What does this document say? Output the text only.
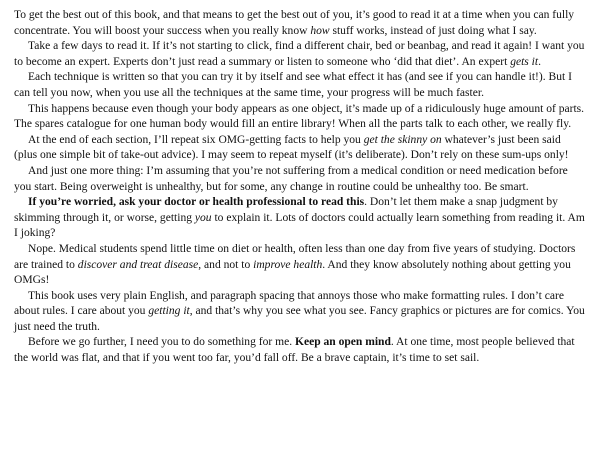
To get the best out of this book, and that means to get the best out of you, it’s good to read it at a time when you can fully concentrate. You will boost your success when you really know how stuff works, instead of just doing what I say.

Take a few days to read it. If it’s not starting to click, find a different chair, bed or beanbag, and read it again! I want you to become an expert. Experts don’t just read a summary or listen to someone who ‘did that diet’. An expert gets it.

Each technique is written so that you can try it by itself and see what effect it has (and see if you can handle it!). But I can tell you now, when you use all the techniques at the same time, your progress will be much faster.

This happens because even though your body appears as one object, it’s made up of a ridiculously huge amount of parts. The spares catalogue for one human body would fill an entire library! When all the parts talk to each other, we really fly.

At the end of each section, I’ll repeat six OMG-getting facts to help you get the skinny on whatever’s just been said (plus one simple bit of take-out advice). I may seem to repeat myself (it’s deliberate). Don’t rely on these sum-ups only!

And just one more thing: I’m assuming that you’re not suffering from a medical condition or need medication before you start. Being overweight is unhealthy, but for some, any change in routine could be unhealthy too. Be smart.

If you’re worried, ask your doctor or health professional to read this. Don’t let them make a snap judgment by skimming through it, or worse, getting you to explain it. Lots of doctors could actually learn something from reading it. Am I joking?

Nope. Medical students spend little time on diet or health, often less than one day from five years of studying. Doctors are trained to discover and treat disease, and not to improve health. And they know absolutely nothing about getting you OMGs!

This book uses very plain English, and paragraph spacing that annoys those who make formatting rules. I don’t care about rules. I care about you getting it, and that’s why you see what you see. Fancy graphics or pictures are for comics. You just need the truth.

Before we go further, I need you to do something for me. Keep an open mind. At one time, most people believed that the world was flat, and that if you went too far, you’d fall off. Be a brave captain, it’s time to set sail.
